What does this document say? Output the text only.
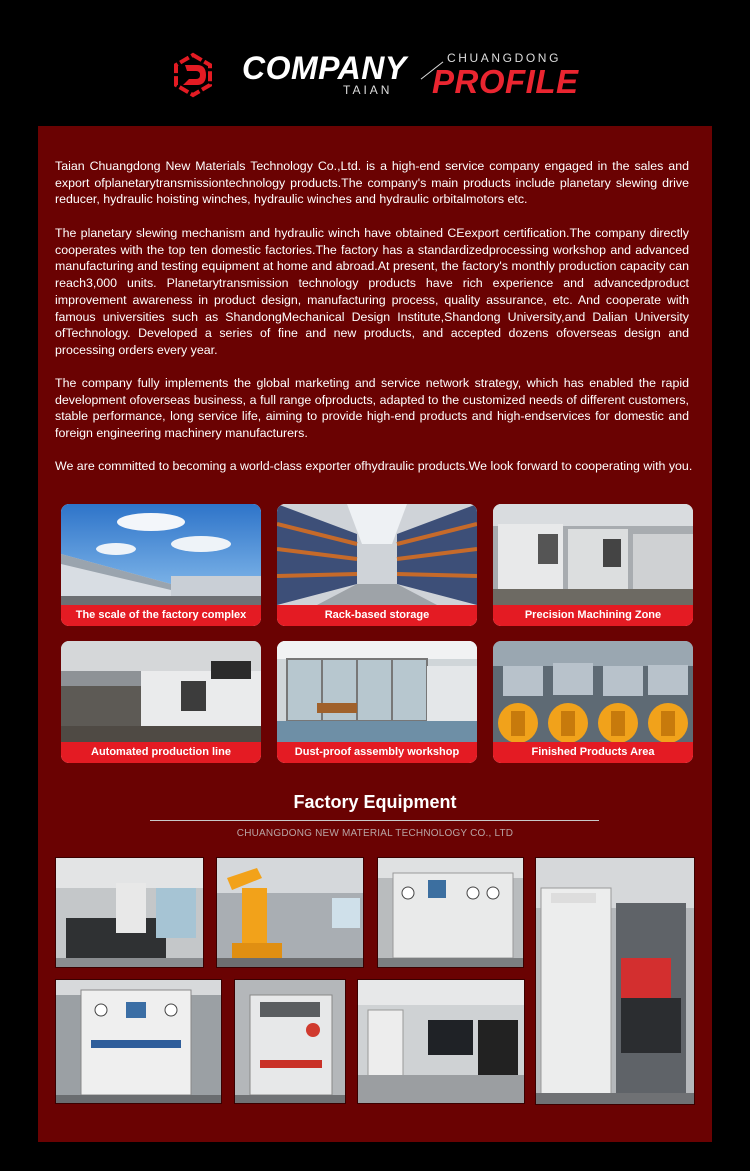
COMPANY	CHUANGDONG
TAIAN PROFILE
Taian Chuangdong New Materials Technology Co.,Ltd. is a high-end service company engaged in the sales and export ofplanetarytransmissiontechnology products.The company's main products include planetary slewing drive reducer, hydraulic hoisting winches, hydraulic winches and hydraulic orbitalmotors etc.
The planetary slewing mechanism and hydraulic winch have obtained CEexport certification.The company directly cooperates with the top ten domestic factories.The factory has a standardizedprocessing workshop and advanced manufacturing and testing equipment at home and abroad.At present, the factory's monthly production capacity can reach3,000 units. Planetarytransmission technology products have rich experience and advancedproduct improvement awareness in product design, manufacturing process, quality assurance, etc. And cooperate with famous universities such as ShandongMechanical Design Institute,Shandong University,and Dalian University ofTechnology. Developed a series of fine and new products, and accepted dozens ofoverseas design and processing orders every year.
The company fully implements the global marketing and service network strategy, which has enabled the rapid development ofoverseas business, a full range ofproducts, adapted to the customized needs of different customers, stable performance, long service life, aiming to provide high-end products and high-endservices for domestic and foreign engineering machinery manufacturers.
We are committed to becoming a world-class exporter ofhydraulic products.We look forward to cooperating with you.
The scale of the factory complex	Rack-based storage	Precision Machining Zone
Automated production line	Dust-proof assembly workshop	Finished Products Area
Factory Equipment
CHUANGDONG NEW MATERIAL TECHNOLOGY CO., LTD
